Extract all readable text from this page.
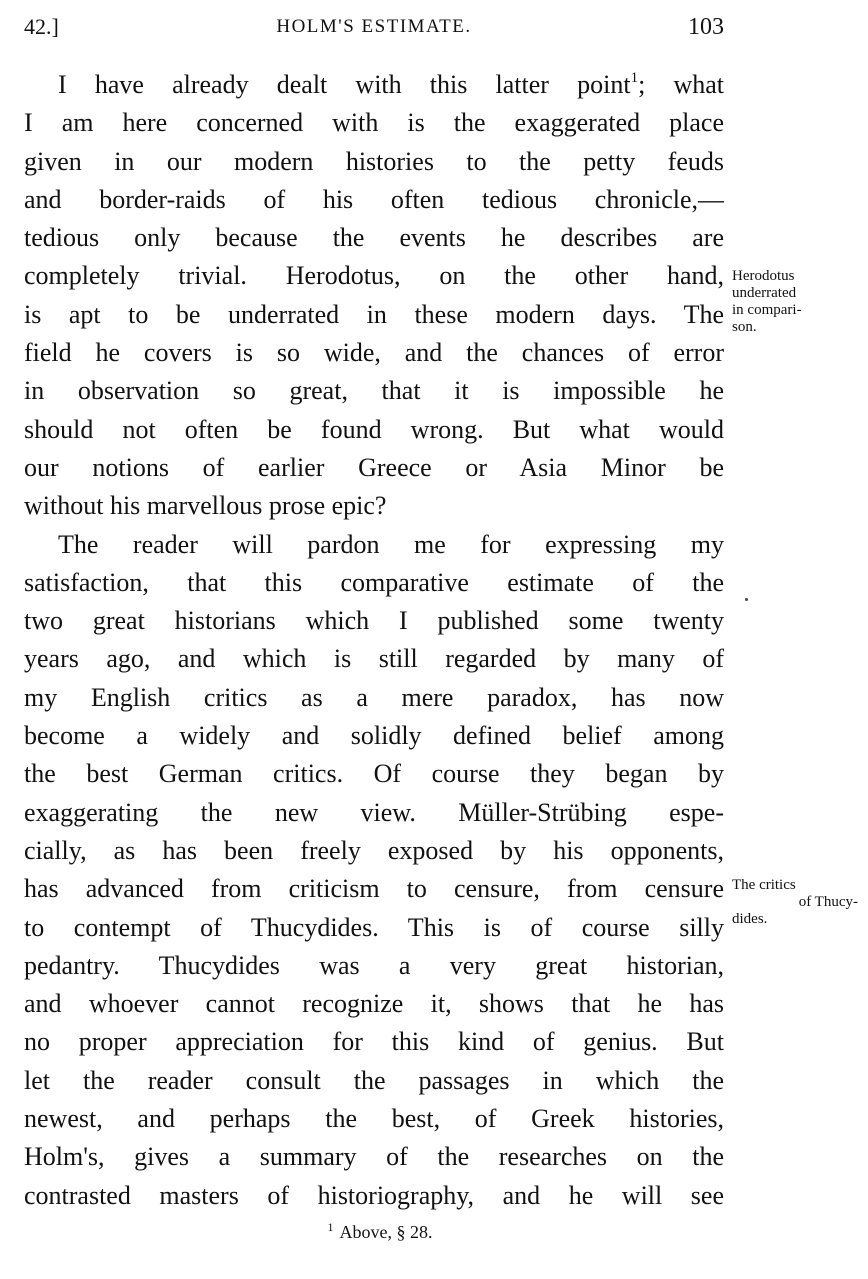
42.]	HOLM'S ESTIMATE.	103
I have already dealt with this latter point$^1$; what
I am here concerned with is the exaggerated place
given in our modern histories to the petty feuds
and border-raids of his often tedious chronicle,—
tedious only because the events he describes are
completely trivial. Herodotus, on the other hand,
is apt to be underrated in these modern days. The
field he covers is so wide, and the chances of error
in observation so great, that it is impossible he
should not often be found wrong. But what would
our notions of earlier Greece or Asia Minor be
without his marvellous prose epic?
The reader will pardon me for expressing my
satisfaction, that this comparative estimate of the
two great historians which I published some twenty
years ago, and which is still regarded by many of
my English critics as a mere paradox, has now
become a widely and solidly defined belief among
the best German critics. Of course they began by
exaggerating the new view. Müller-Strübing espe-
cially, as has been freely exposed by his opponents,
has advanced from criticism to censure, from censure
to contempt of Thucydides. This is of course silly
pedantry. Thucydides was a very great historian,
and whoever cannot recognize it, shows that he has
no proper appreciation for this kind of genius. But
let the reader consult the passages in which the
newest, and perhaps the best, of Greek histories,
Holm's, gives a summary of the researches on the
contrasted masters of historiography, and he will see
Herodotus
underrated
in compari-
son.
The critics
of Thucy-
dides.
$^1$ Above, § 28.
